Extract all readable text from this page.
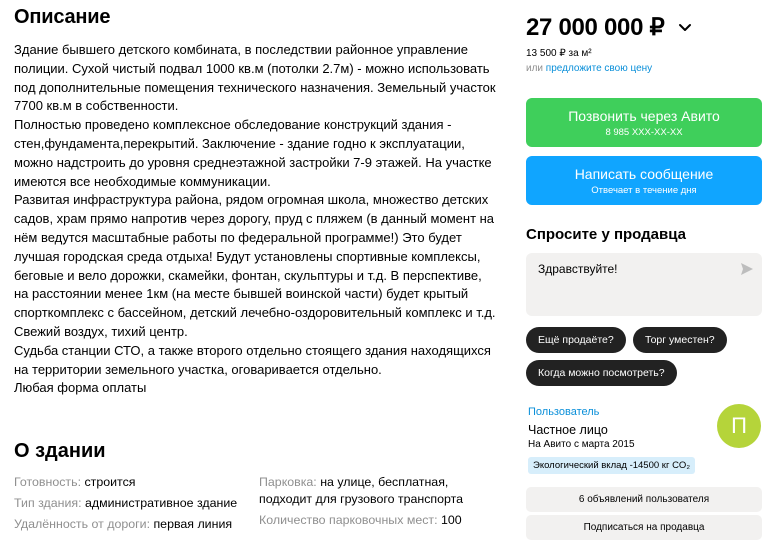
Описание

Здание бывшего детского комбината, в последствии районное управление полиции. Сухой чистый подвал 1000 кв.м (потолки 2.7м) - можно использовать под дополнительные помещения технического назначения. Земельный участок 7700 кв.м в собственности.

Полностью проведено комплексное обследование конструкций здания - стен,фундамента,перекрытий. Заключение - здание годно к эксплуатации, можно надстроить до уровня среднеэтажной застройки 7-9 этажей. На участке имеются все необходимые коммуникации.

Развитая инфраструктура района, рядом огромная школа, множество детских садов, храм прямо напротив через дорогу, пруд с пляжем (в данный момент на нём ведутся масштабные работы по федеральной программе!) Это будет лучшая городская среда отдыха! Будут установлены спортивные комплексы, беговые и вело дорожки, скамейки, фонтан, скульптуры и т.д. В перспективе, на расстоянии менее 1км (на месте бывшей воинской части) будет крытый спорткомплекс с бассейном, детский лечебно-оздоровительный комплекс и т.д.

Свежий воздух, тихий центр.

Судьба станции СТО, а также второго отдельно стоящего здания находящихся на территории земельного участка, оговаривается отдельно.

Любая форма оплаты

О здании
Готовность: строится
Тип здания: административное здание
Удалённость от дороги: первая линия
Парковка: на улице, бесплатная,
подходит для грузового транспорта
Количество парковочных мест: 100
27 000 000 ₽
13 500 ₽ за м²
или предложите свою цену
Позвонить через Авито
8 985 XXX-XX-XX
Написать сообщение
Отвечает в течение дня
Спросите у продавца
Здравствуйте!
Ещё продаёте?	Торг уместен?
Когда можно посмотреть?
Пользователь
Частное лицо
На Авито с марта 2015
Экологический вклад -14500 кг CO₂
П
6 объявлений пользователя
Подписаться на продавца
